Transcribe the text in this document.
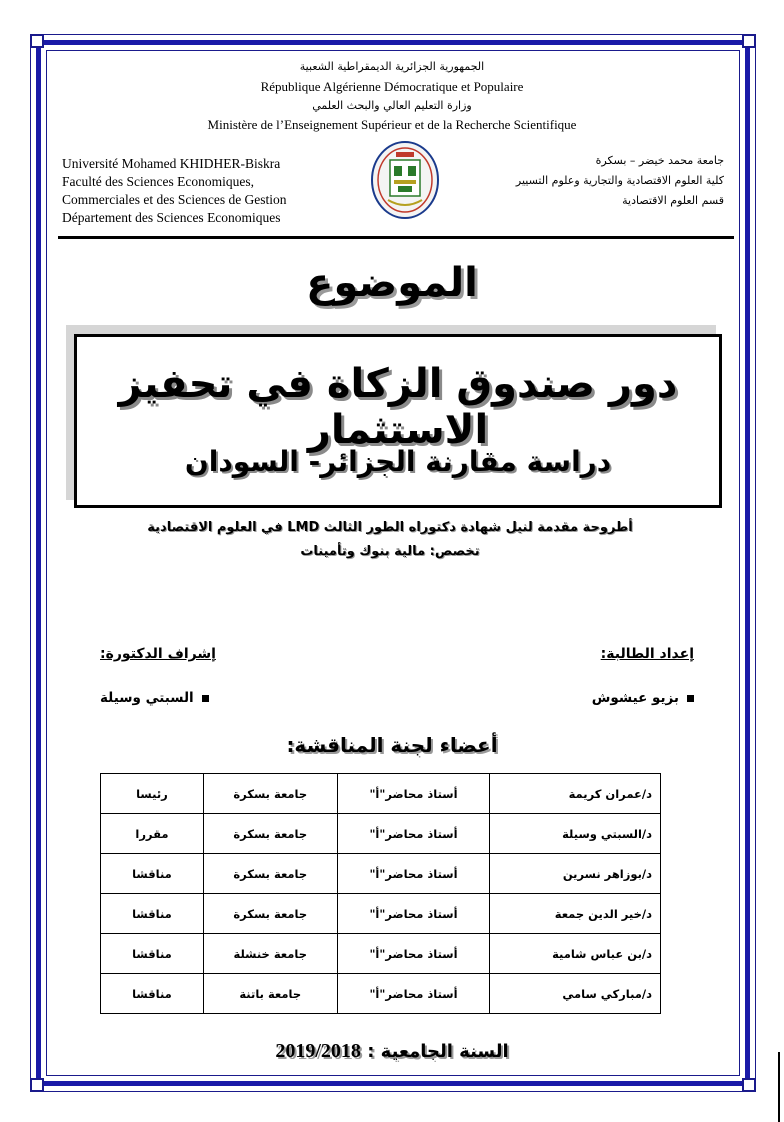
الجمهورية الجزائرية الديمقراطية الشعبية
République Algérienne Démocratique et Populaire
وزارة التعليم العالي والبحث العلمي
Ministère de l’Enseignement Supérieur et de la Recherche Scientifique
Université Mohamed KHIDHER-Biskra
Faculté des Sciences Economiques,
Commerciales et des Sciences de Gestion
Département des Sciences Economiques
جامعة محمد خيضر – بسكرة
كلية العلوم الاقتصادية والتجارية وعلوم التسيير
قسم العلوم الاقتصادية
الموضوع
دور صندوق الزكاة في تحفيز الاستثمار
دراسة مقارنة الجزائر- السودان
أطروحة مقدمة لنيل شهادة دكتوراه الطور الثالث LMD في العلوم الاقتصادية
تخصص: مالية بنوك وتأمينات
إعداد الطالبة:
إشراف الدكتورة:
بزيو عيشوش
السبتي وسيلة
أعضاء لجنة المناقشة:
د/عمران كريمة	أستاذ محاضر"أ"	جامعة بسكرة	رئيسا
د/السبتي وسيلة	أستاذ محاضر"أ"	جامعة بسكرة	مقررا
د/بوزاهر نسرين	أستاذ محاضر"أ"	جامعة بسكرة	مناقشا
د/خير الدين جمعة	أستاذ محاضر"أ"	جامعة بسكرة	مناقشا
د/بن عباس شامية	أستاذ محاضر"أ"	جامعة خنشلة	مناقشا
د/مباركي سامي	أستاذ محاضر"أ"	جامعة باتنة	مناقشا
السنة الجامعية : 2019/2018
